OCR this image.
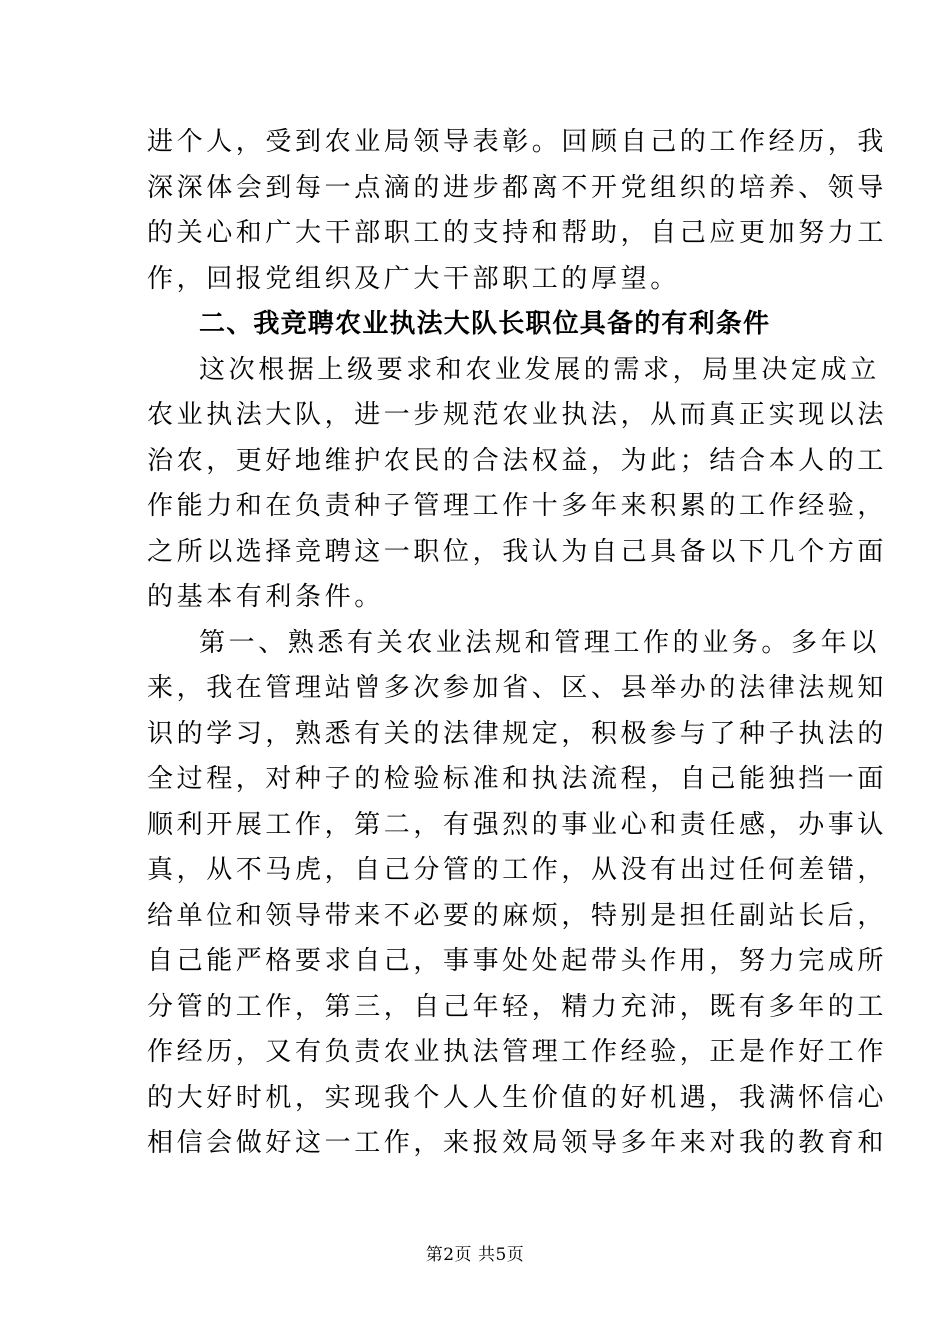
进个人，受到农业局领导表彰。回顾自己的工作经历，我
深深体会到每一点滴的进步都离不开党组织的培养、领导
的关心和广大干部职工的支持和帮助，自己应更加努力工
作，回报党组织及广大干部职工的厚望。
二、我竞聘农业执法大队长职位具备的有利条件
这次根据上级要求和农业发展的需求，局里决定成立
农业执法大队，进一步规范农业执法，从而真正实现以法
治农，更好地维护农民的合法权益，为此；结合本人的工
作能力和在负责种子管理工作十多年来积累的工作经验，
之所以选择竞聘这一职位，我认为自己具备以下几个方面
的基本有利条件。
第一、熟悉有关农业法规和管理工作的业务。多年以
来，我在管理站曾多次参加省、区、县举办的法律法规知
识的学习，熟悉有关的法律规定，积极参与了种子执法的
全过程，对种子的检验标准和执法流程，自己能独挡一面
顺利开展工作，第二，有强烈的事业心和责任感，办事认
真，从不马虎，自己分管的工作，从没有出过任何差错，
给单位和领导带来不必要的麻烦，特别是担任副站长后，
自己能严格要求自己，事事处处起带头作用，努力完成所
分管的工作，第三，自己年轻，精力充沛，既有多年的工
作经历，又有负责农业执法管理工作经验，正是作好工作
的大好时机，实现我个人人生价值的好机遇，我满怀信心
相信会做好这一工作，来报效局领导多年来对我的教育和
第2页 共5页
